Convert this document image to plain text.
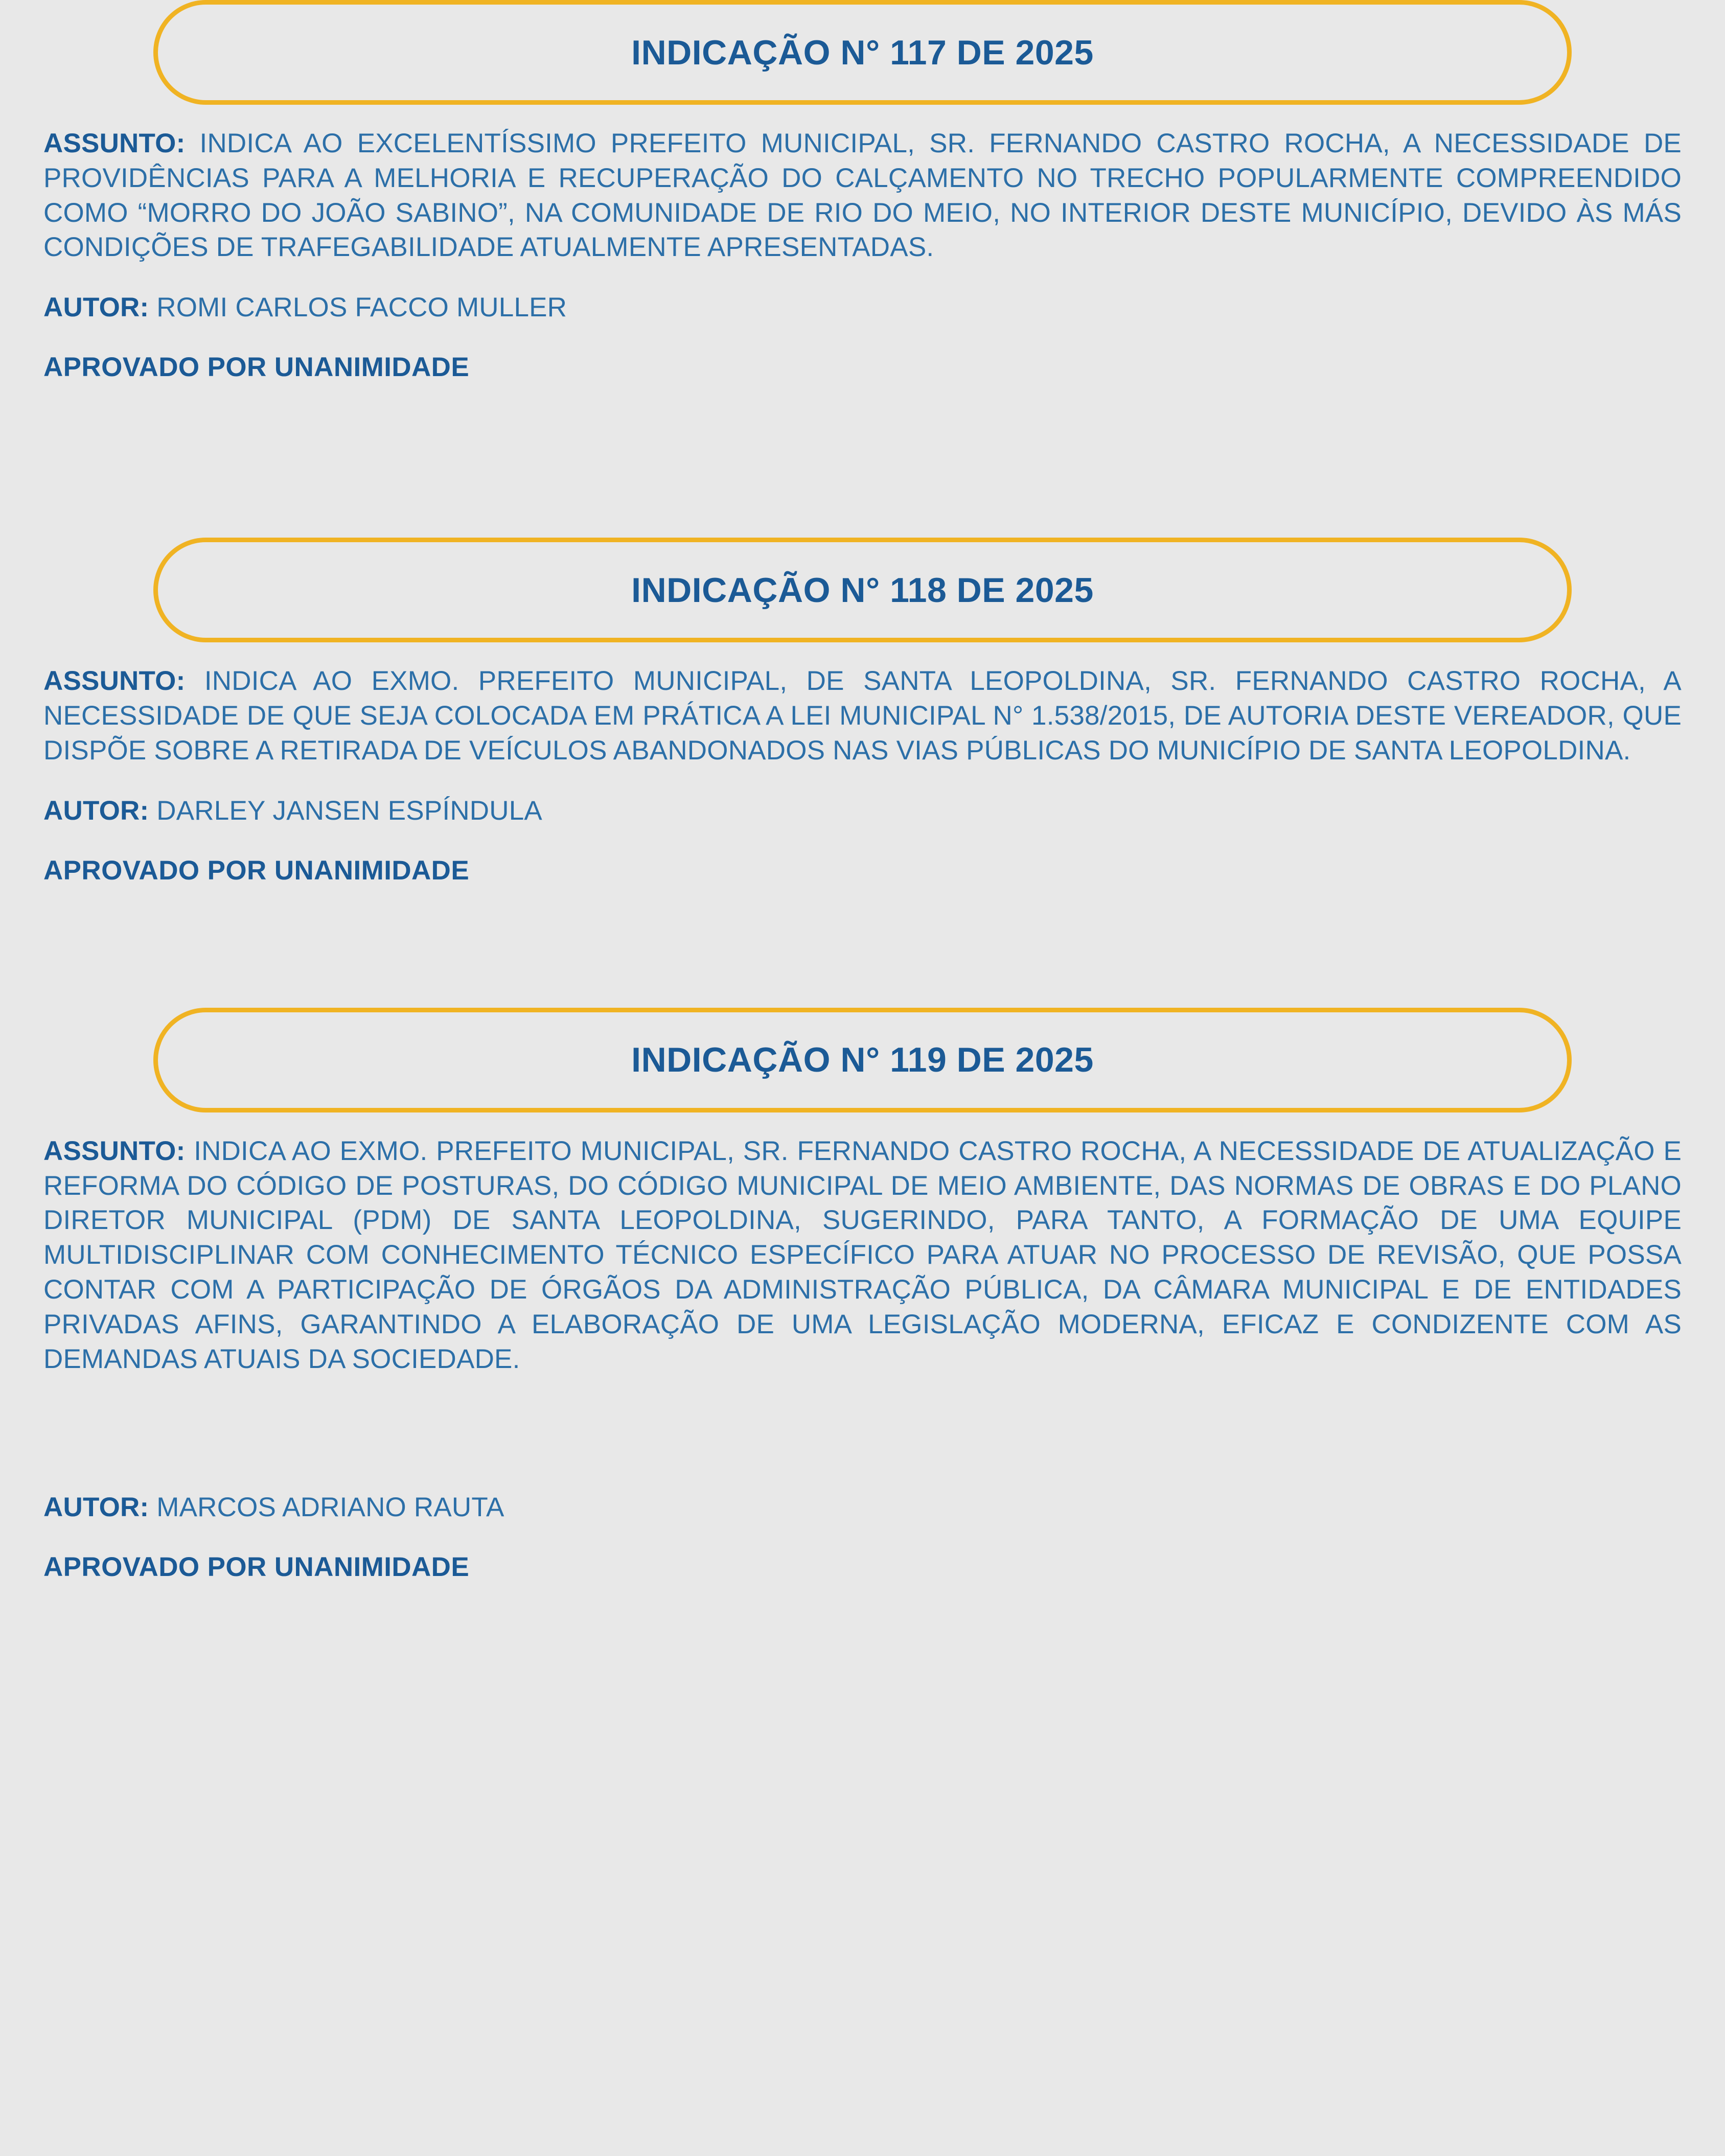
INDICAÇÃO N° 117 DE 2025

ASSUNTO: INDICA AO EXCELENTÍSSIMO PREFEITO MUNICIPAL, SR. FERNANDO CASTRO ROCHA, A NECESSIDADE DE PROVIDÊNCIAS PARA A MELHORIA E RECUPERAÇÃO DO CALÇAMENTO NO TRECHO POPULARMENTE COMPREENDIDO COMO “MORRO DO JOÃO SABINO”, NA COMUNIDADE DE RIO DO MEIO, NO INTERIOR DESTE MUNICÍPIO, DEVIDO ÀS MÁS CONDIÇÕES DE TRAFEGABILIDADE ATUALMENTE APRESENTADAS.

AUTOR: ROMI CARLOS FACCO MULLER

APROVADO POR UNANIMIDADE

INDICAÇÃO N° 118 DE 2025

ASSUNTO: INDICA AO EXMO. PREFEITO MUNICIPAL, DE SANTA LEOPOLDINA, SR. FERNANDO CASTRO ROCHA, A NECESSIDADE DE QUE SEJA COLOCADA EM PRÁTICA A LEI MUNICIPAL N° 1.538/2015, DE AUTORIA DESTE VEREADOR, QUE DISPÕE SOBRE A RETIRADA DE VEÍCULOS ABANDONADOS NAS VIAS PÚBLICAS DO MUNICÍPIO DE SANTA LEOPOLDINA.

AUTOR: DARLEY JANSEN ESPÍNDULA

APROVADO POR UNANIMIDADE

INDICAÇÃO N° 119 DE 2025

ASSUNTO: INDICA AO EXMO. PREFEITO MUNICIPAL, SR. FERNANDO CASTRO ROCHA, A NECESSIDADE DE ATUALIZAÇÃO E REFORMA DO CÓDIGO DE POSTURAS, DO CÓDIGO MUNICIPAL DE MEIO AMBIENTE, DAS NORMAS DE OBRAS E DO PLANO DIRETOR MUNICIPAL (PDM) DE SANTA LEOPOLDINA, SUGERINDO, PARA TANTO, A FORMAÇÃO DE UMA EQUIPE MULTIDISCIPLINAR COM CONHECIMENTO TÉCNICO ESPECÍFICO PARA ATUAR NO PROCESSO DE REVISÃO, QUE POSSA CONTAR COM A PARTICIPAÇÃO DE ÓRGÃOS DA ADMINISTRAÇÃO PÚBLICA, DA CÂMARA MUNICIPAL E DE ENTIDADES PRIVADAS AFINS, GARANTINDO A ELABORAÇÃO DE UMA LEGISLAÇÃO MODERNA, EFICAZ E CONDIZENTE COM AS DEMANDAS ATUAIS DA SOCIEDADE.

AUTOR: MARCOS ADRIANO RAUTA

APROVADO POR UNANIMIDADE
